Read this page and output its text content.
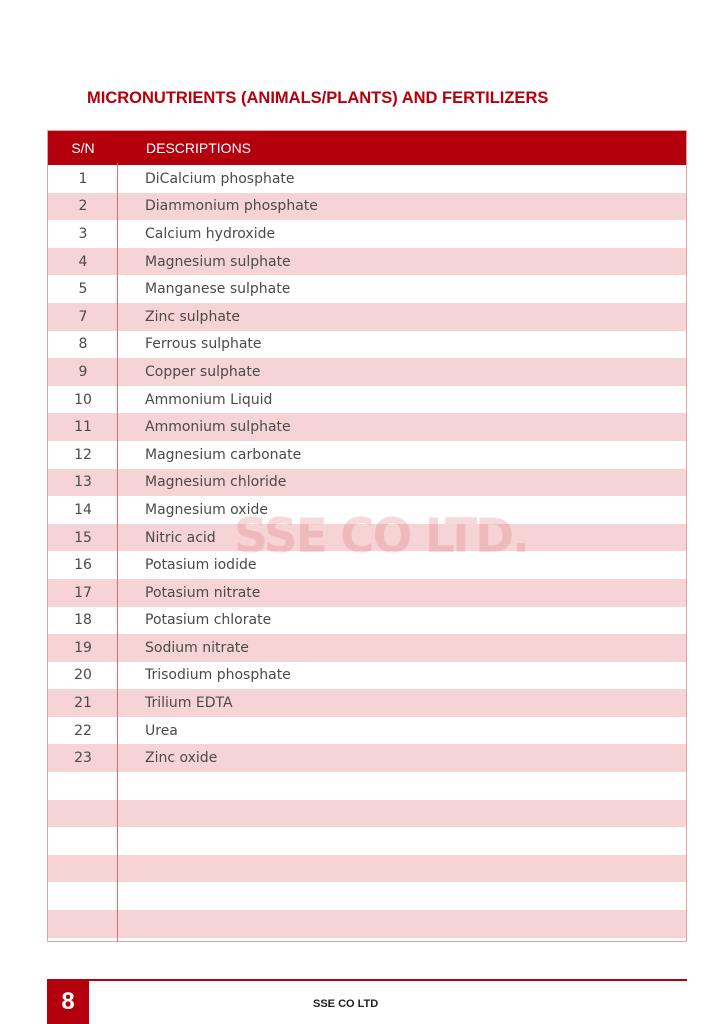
MICRONUTRIENTS (ANIMALS/PLANTS) AND FERTILIZERS
S/N	DESCRIPTIONS
1	DiCalcium phosphate
2	Diammonium phosphate
3	Calcium hydroxide
4	Magnesium sulphate
5	Manganese sulphate
7	Zinc sulphate
8	Ferrous sulphate
9	Copper sulphate
10	Ammonium Liquid
11	Ammonium sulphate
12	Magnesium carbonate
13	Magnesium chloride
14	Magnesium oxide
15	Nitric acid
16	Potasium iodide
17	Potasium nitrate
18	Potasium chlorate
19	Sodium nitrate
20	Trisodium phosphate
21	Trilium EDTA
22	Urea
23	Zinc oxide
SSE CO LTD.
8	SSE CO LTD
